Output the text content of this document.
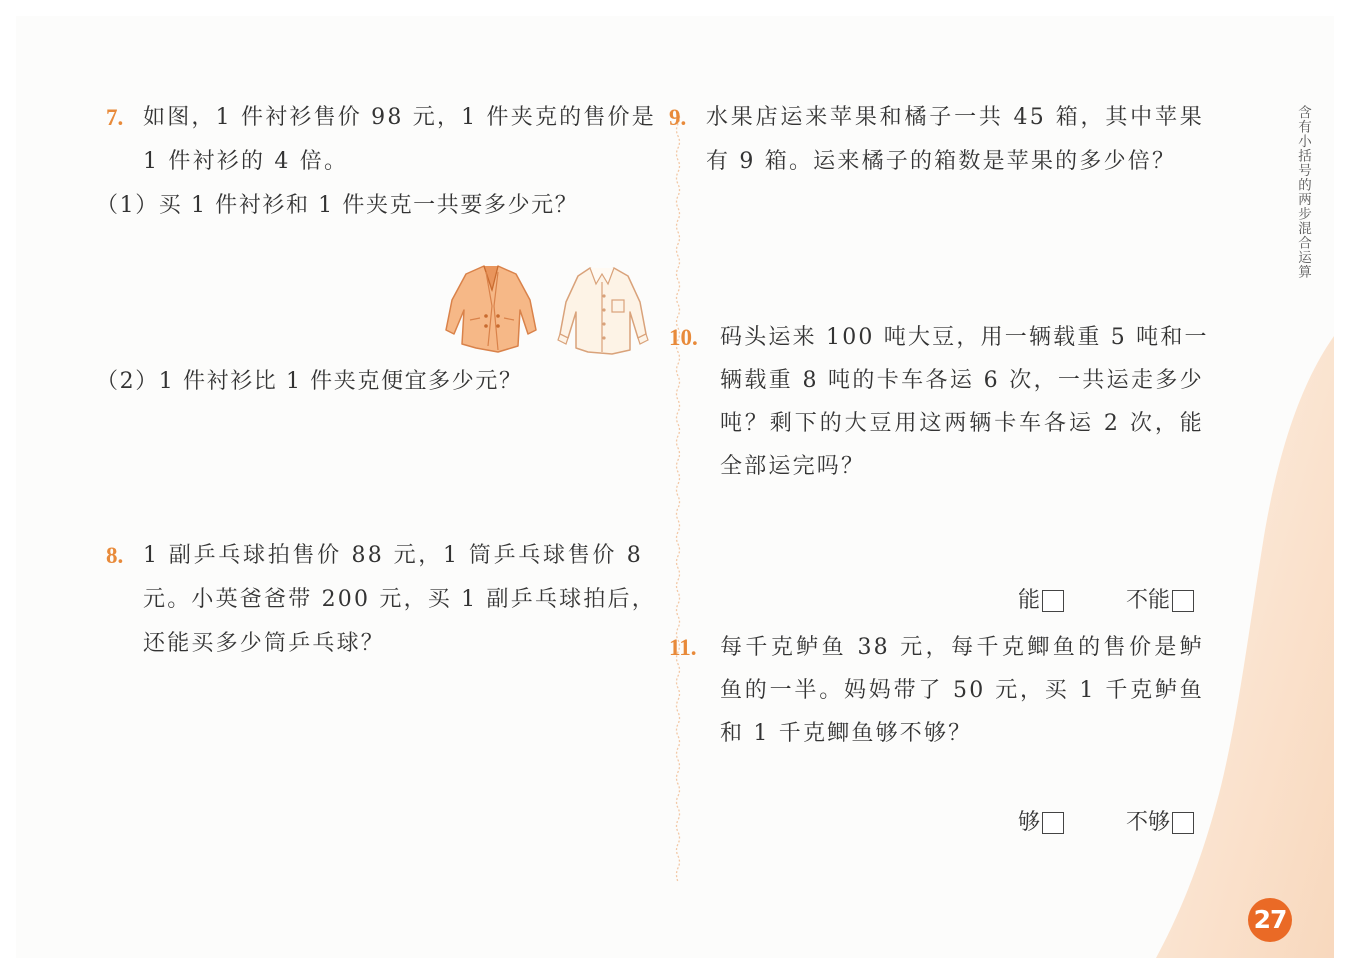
含有小括号的两步混合运算
7. 如图，1 件衬衫售价 98 元，1 件夹克的售价是
1 件衬衫的 4 倍。
（1）买 1 件衬衫和 1 件夹克一共要多少元？
（2）1 件衬衫比 1 件夹克便宜多少元？
8. 1 副乒乓球拍售价 88 元，1 筒乒乓球售价 8
元。小英爸爸带 200 元，买 1 副乒乓球拍后，
还能买多少筒乒乓球？
9. 水果店运来苹果和橘子一共 45 箱，其中苹果
有 9 箱。运来橘子的箱数是苹果的多少倍？
10. 码头运来 100 吨大豆，用一辆载重 5 吨和一
辆载重 8 吨的卡车各运 6 次，一共运走多少
吨？剩下的大豆用这两辆卡车各运 2 次，能
全部运完吗？
能	不能
11. 每千克鲈鱼 38 元，每千克鲫鱼的售价是鲈
鱼的一半。妈妈带了 50 元，买 1 千克鲈鱼
和 1 千克鲫鱼够不够？
够	不够
27
